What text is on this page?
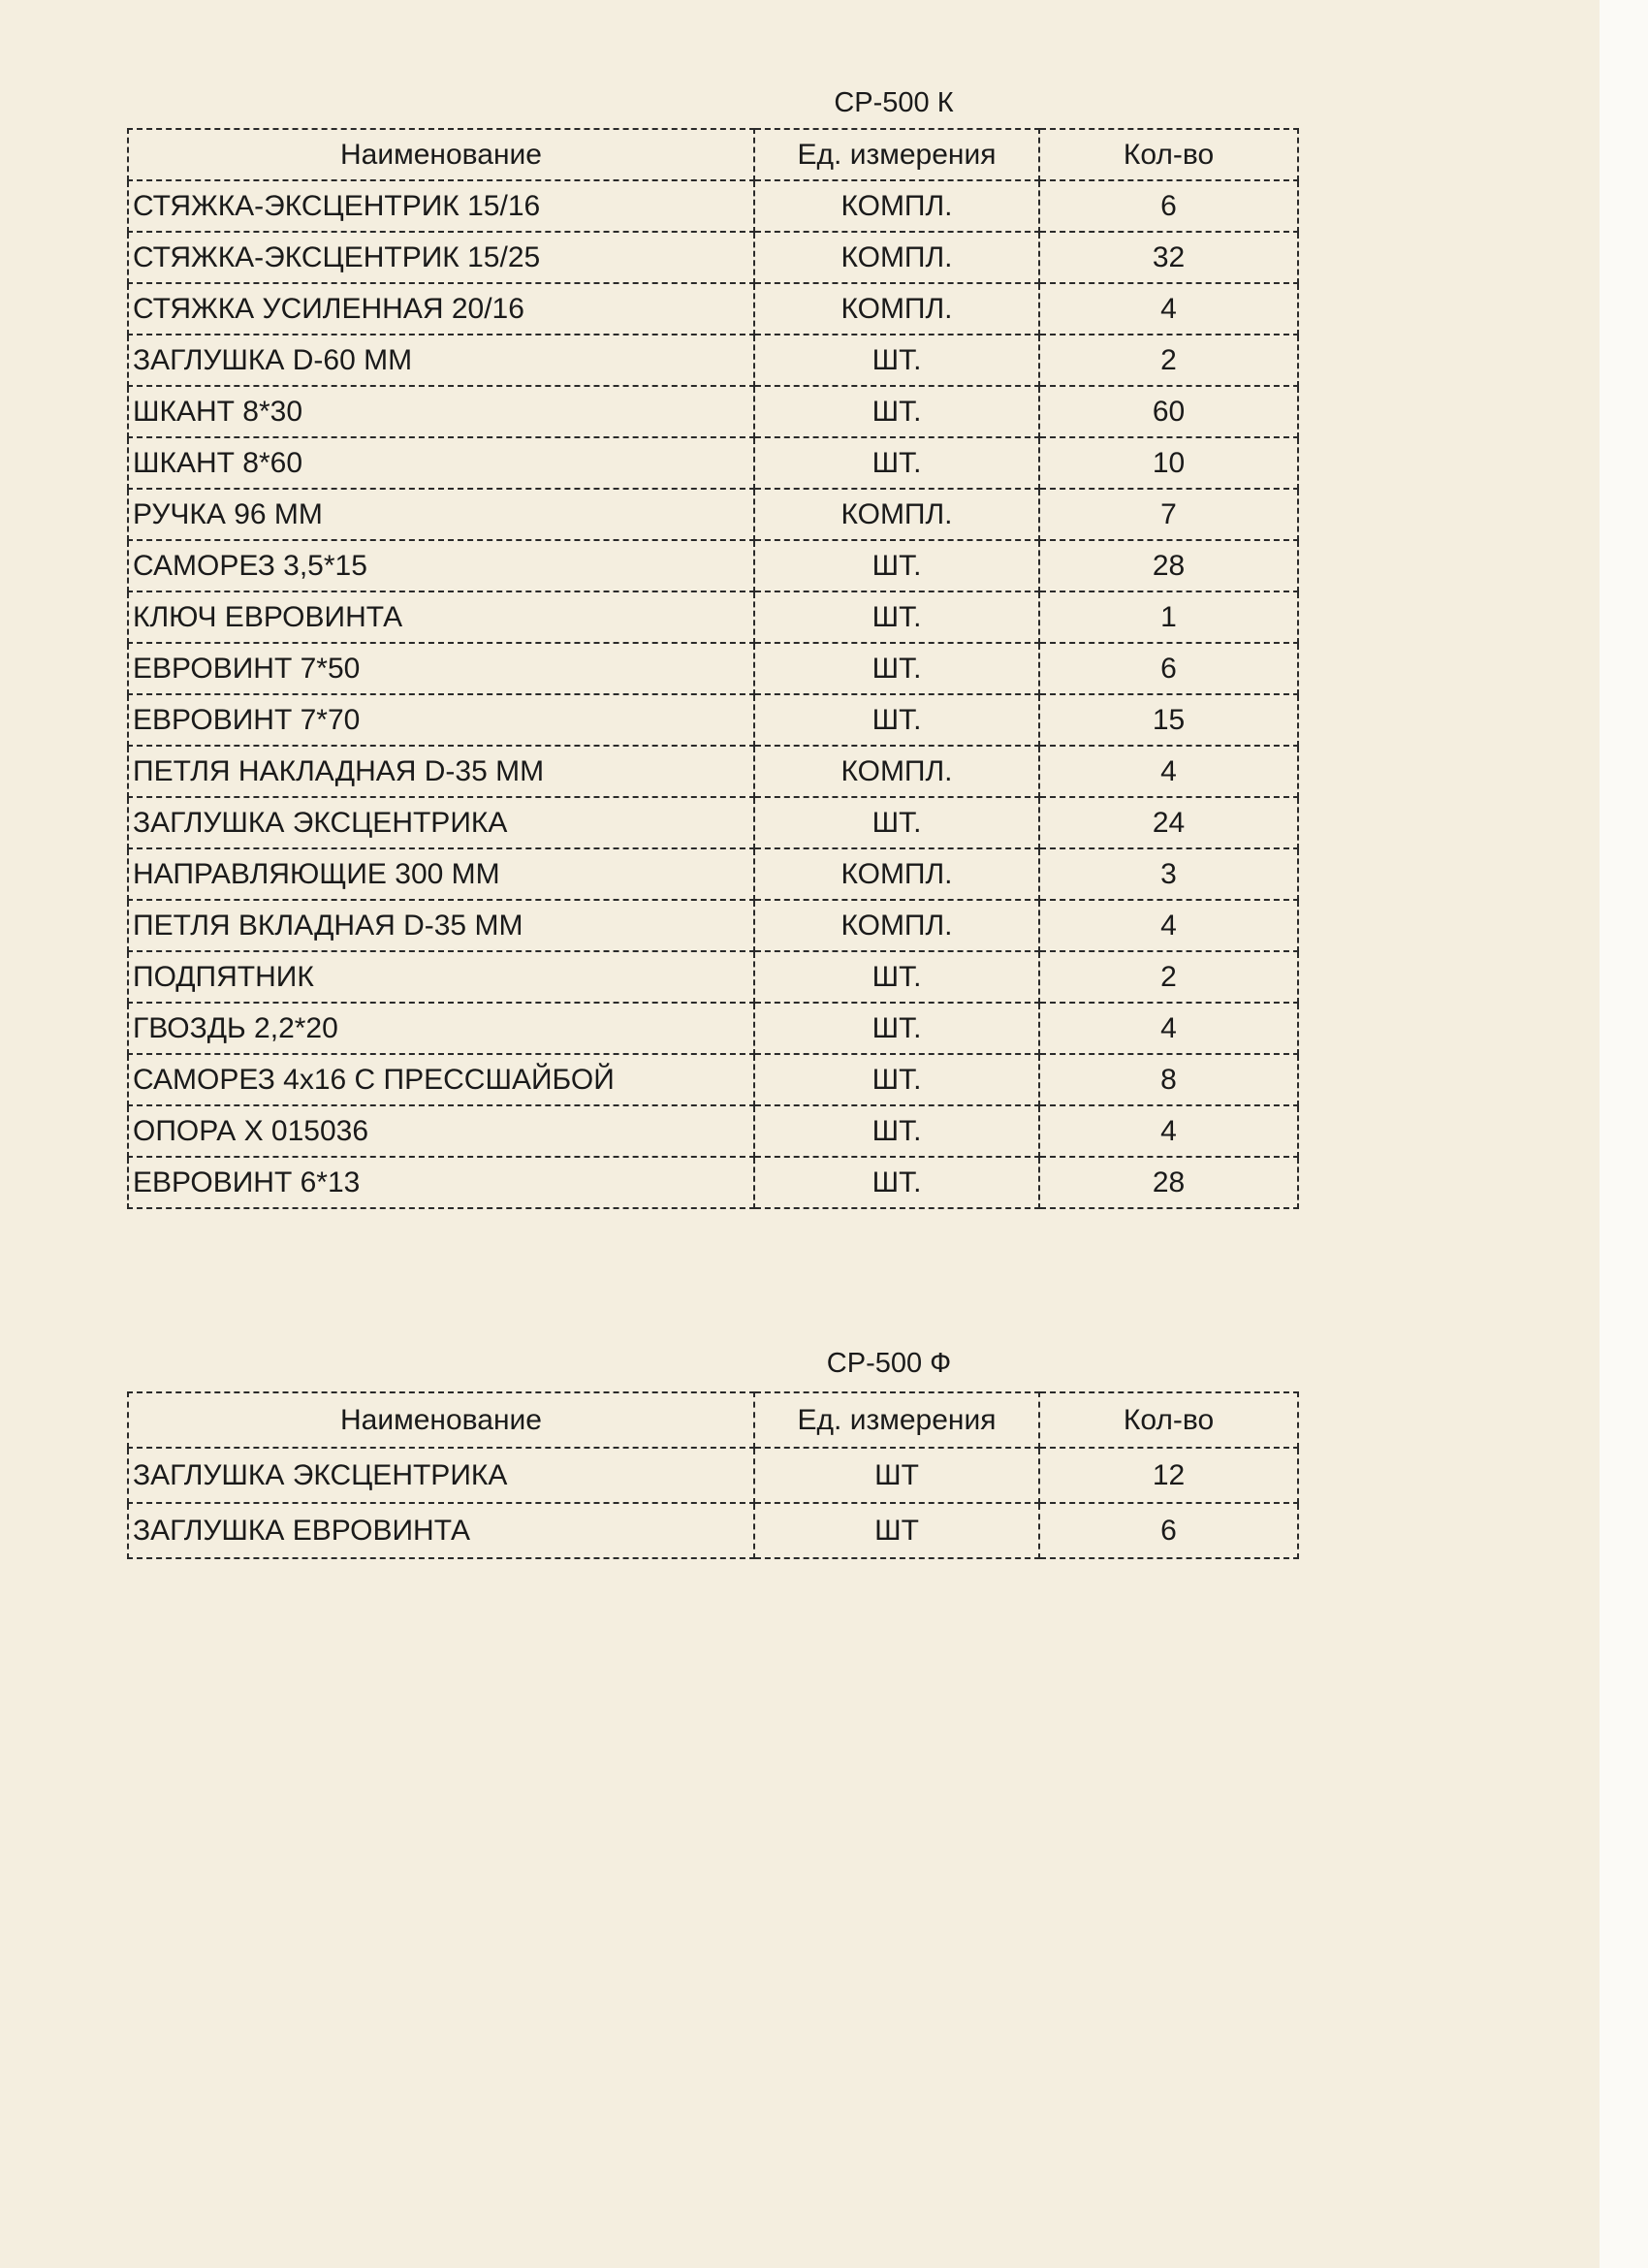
CP-500 К

Наименование	Ед. измерения	Кол-во
СТЯЖКА-ЭКСЦЕНТРИК 15/16	КОМПЛ.	6
СТЯЖКА-ЭКСЦЕНТРИК 15/25	КОМПЛ.	32
СТЯЖКА УСИЛЕННАЯ 20/16	КОМПЛ.	4
ЗАГЛУШКА D-60 ММ	ШТ.	2
ШКАНТ 8*30	ШТ.	60
ШКАНТ 8*60	ШТ.	10
РУЧКА 96 ММ	КОМПЛ.	7
САМОРЕЗ 3,5*15	ШТ.	28
КЛЮЧ ЕВРОВИНТА	ШТ.	1
ЕВРОВИНТ 7*50	ШТ.	6
ЕВРОВИНТ 7*70	ШТ.	15
ПЕТЛЯ НАКЛАДНАЯ D-35 ММ	КОМПЛ.	4
ЗАГЛУШКА ЭКСЦЕНТРИКА	ШТ.	24
НАПРАВЛЯЮЩИЕ 300 ММ	КОМПЛ.	3
ПЕТЛЯ ВКЛАДНАЯ D-35 ММ	КОМПЛ.	4
ПОДПЯТНИК	ШТ.	2
ГВОЗДЬ 2,2*20	ШТ.	4
САМОРЕЗ 4x16 С ПРЕССШАЙБОЙ	ШТ.	8
ОПОРА Х 015036	ШТ.	4
ЕВРОВИНТ 6*13	ШТ.	28

CP-500 Ф

Наименование	Ед. измерения	Кол-во
ЗАГЛУШКА ЭКСЦЕНТРИКА	ШТ	12
ЗАГЛУШКА ЕВРОВИНТА	ШТ	6
